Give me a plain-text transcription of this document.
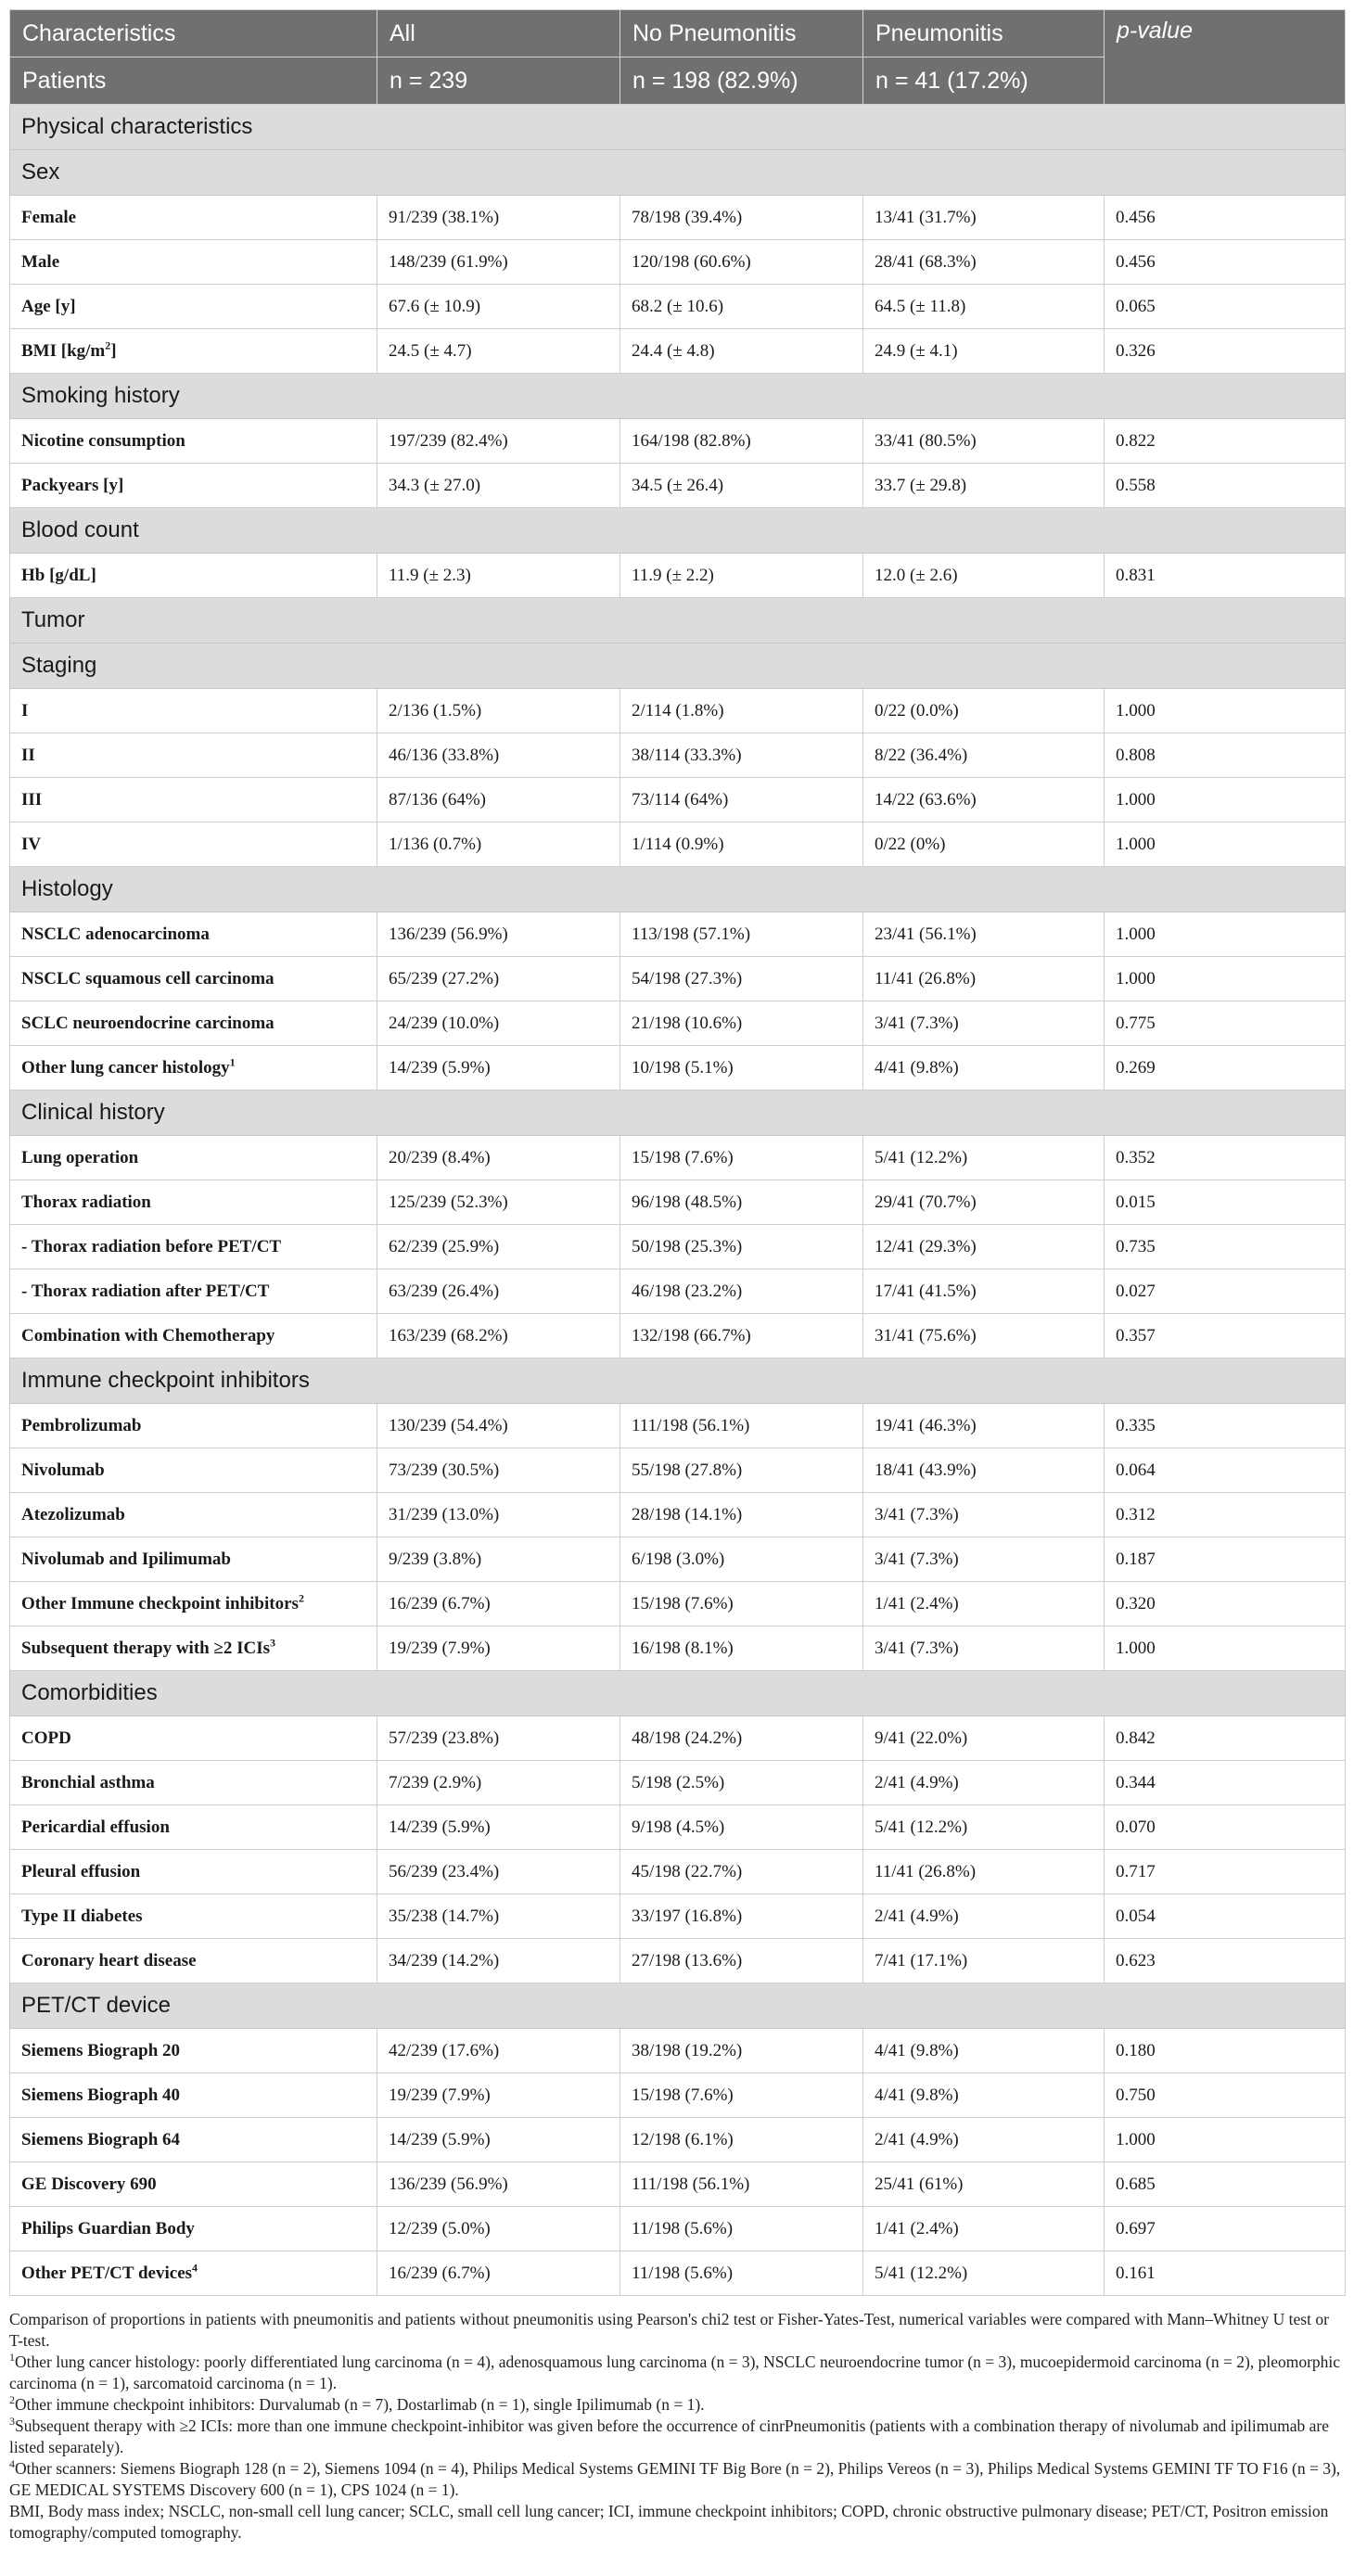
Characteristics	All	No Pneumonitis	Pneumonitis	p-value
Patients	n = 239	n = 198 (82.9%)	n = 41 (17.2%)	
Physical characteristics				
Sex				
Female	91/239 (38.1%)	78/198 (39.4%)	13/41 (31.7%)	0.456
Male	148/239 (61.9%)	120/198 (60.6%)	28/41 (68.3%)	0.456
Age [y]	67.6 (± 10.9)	68.2 (± 10.6)	64.5 (± 11.8)	0.065
BMI $[kg/m^2]$	24.5 (± 4.7)	24.4 (± 4.8)	24.9 (± 4.1)	0.326
Smoking history				
Nicotine consumption	197/239 (82.4%)	164/198 (82.8%)	33/41 (80.5%)	0.822
Packyears [y]	34.3 (± 27.0)	34.5 (± 26.4)	33.7 (± 29.8)	0.558
Blood count				
Hb [g/dL]	11.9 (± 2.3)	11.9 (± 2.2)	12.0 (± 2.6)	0.831
Tumor				
Staging				
I	2/136 (1.5%)	2/114 (1.8%)	0/22 (0.0%)	1.000
II	46/136 (33.8%)	38/114 (33.3%)	8/22 (36.4%)	0.808
III	87/136 (64%)	73/114 (64%)	14/22 (63.6%)	1.000
IV	1/136 (0.7%)	1/114 (0.9%)	0/22 (0%)	1.000
Histology				
NSCLC adenocarcinoma	136/239 (56.9%)	113/198 (57.1%)	23/41 (56.1%)	1.000
NSCLC squamous cell carcinoma	65/239 (27.2%)	54/198 (27.3%)	11/41 (26.8%)	1.000
SCLC neuroendocrine carcinoma	24/239 (10.0%)	21/198 (10.6%)	3/41 (7.3%)	0.775
Other lung cancer histology$^1$	14/239 (5.9%)	10/198 (5.1%)	4/41 (9.8%)	0.269
Clinical history				
Lung operation	20/239 (8.4%)	15/198 (7.6%)	5/41 (12.2%)	0.352
Thorax radiation	125/239 (52.3%)	96/198 (48.5%)	29/41 (70.7%)	0.015
- Thorax radiation before PET/CT	62/239 (25.9%)	50/198 (25.3%)	12/41 (29.3%)	0.735
- Thorax radiation after PET/CT	63/239 (26.4%)	46/198 (23.2%)	17/41 (41.5%)	0.027
Combination with Chemotherapy	163/239 (68.2%)	132/198 (66.7%)	31/41 (75.6%)	0.357
Immune checkpoint inhibitors				
Pembrolizumab	130/239 (54.4%)	111/198 (56.1%)	19/41 (46.3%)	0.335
Nivolumab	73/239 (30.5%)	55/198 (27.8%)	18/41 (43.9%)	0.064
Atezolizumab	31/239 (13.0%)	28/198 (14.1%)	3/41 (7.3%)	0.312
Nivolumab and Ipilimumab	9/239 (3.8%)	6/198 (3.0%)	3/41 (7.3%)	0.187
Other Immune checkpoint inhibitors$^2$	16/239 (6.7%)	15/198 (7.6%)	1/41 (2.4%)	0.320
Subsequent therapy with ≥2 ICIs$^3$	19/239 (7.9%)	16/198 (8.1%)	3/41 (7.3%)	1.000
Comorbidities				
COPD	57/239 (23.8%)	48/198 (24.2%)	9/41 (22.0%)	0.842
Bronchial asthma	7/239 (2.9%)	5/198 (2.5%)	2/41 (4.9%)	0.344
Pericardial effusion	14/239 (5.9%)	9/198 (4.5%)	5/41 (12.2%)	0.070
Pleural effusion	56/239 (23.4%)	45/198 (22.7%)	11/41 (26.8%)	0.717
Type II diabetes	35/238 (14.7%)	33/197 (16.8%)	2/41 (4.9%)	0.054
Coronary heart disease	34/239 (14.2%)	27/198 (13.6%)	7/41 (17.1%)	0.623
PET/CT device				
Siemens Biograph 20	42/239 (17.6%)	38/198 (19.2%)	4/41 (9.8%)	0.180
Siemens Biograph 40	19/239 (7.9%)	15/198 (7.6%)	4/41 (9.8%)	0.750
Siemens Biograph 64	14/239 (5.9%)	12/198 (6.1%)	2/41 (4.9%)	1.000
GE Discovery 690	136/239 (56.9%)	111/198 (56.1%)	25/41 (61%)	0.685
Philips Guardian Body	12/239 (5.0%)	11/198 (5.6%)	1/41 (2.4%)	0.697
Other PET/CT devices$^4$	16/239 (6.7%)	11/198 (5.6%)	5/41 (12.2%)	0.161

Comparison of proportions in patients with pneumonitis and patients without pneumonitis using Pearson's chi2 test or Fisher-Yates-Test, numerical variables were compared with Mann–Whitney U test or T-test.

$^1$Other lung cancer histology: poorly differentiated lung carcinoma (n = 4), adenosquamous lung carcinoma (n = 3), NSCLC neuroendocrine tumor (n = 3), mucoepidermoid carcinoma (n = 2), pleomorphic carcinoma (n = 1), sarcomatoid carcinoma (n = 1).

$^2$Other immune checkpoint inhibitors: Durvalumab (n = 7), Dostarlimab (n = 1), single Ipilimumab (n = 1).

$^3$Subsequent therapy with ≥2 ICIs: more than one immune checkpoint-inhibitor was given before the occurrence of cinrPneumonitis (patients with a combination therapy of nivolumab and ipilimumab are listed separately).

$^4$Other scanners: Siemens Biograph 128 (n = 2), Siemens 1094 (n = 4), Philips Medical Systems GEMINI TF Big Bore (n = 2), Philips Vereos (n = 3), Philips Medical Systems GEMINI TF TO F16 (n = 3), GE MEDICAL SYSTEMS Discovery 600 (n = 1), CPS 1024 (n = 1).

BMI, Body mass index; NSCLC, non-small cell lung cancer; SCLC, small cell lung cancer; ICI, immune checkpoint inhibitors; COPD, chronic obstructive pulmonary disease; PET/CT, Positron emission tomography/computed tomography.
